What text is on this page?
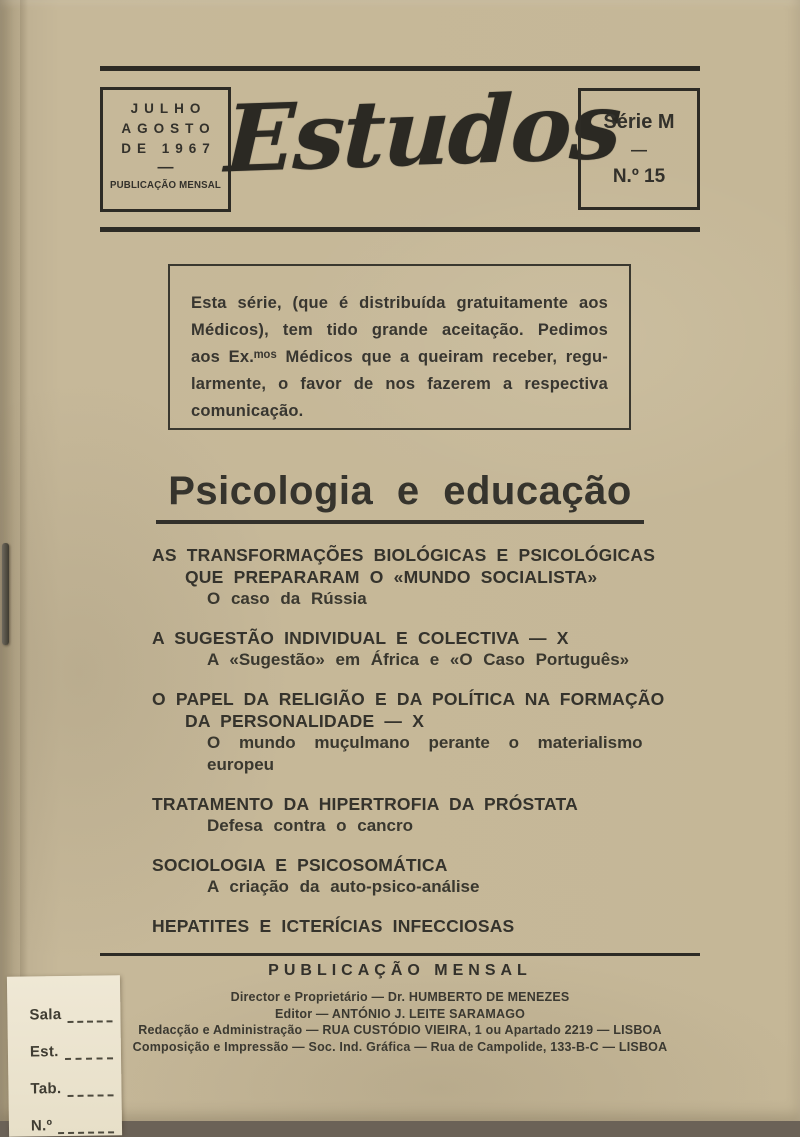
JULHO
AGOSTO
DE 1967
—
PUBLICAÇÃO MENSAL Estudos
Série M
—
N.º 15
Esta série, (que é distribuída gratuitamente aos
Médicos), tem tido grande aceitação. Pedimos
aos Ex.ᵐᵒˢ Médicos que a queiram receber, regu-
larmente, o favor de nos fazerem a respectiva
comunicação.
Psicologia e educação
AS TRANSFORMAÇÕES BIOLÓGICAS E PSICOLÓGICAS
QUE PREPARARAM O «MUNDO SOCIALISTA»
O caso da Rússia
A SUGESTÃO INDIVIDUAL E COLECTIVA — X
A «Sugestão» em África e «O Caso Português»
O PAPEL DA RELIGIÃO E DA POLÍTICA NA FORMAÇÃO
DA PERSONALIDADE — X
O mundo muçulmano perante o materialismo
europeu
TRATAMENTO DA HIPERTROFIA DA PRÓSTATA
Defesa contra o cancro
SOCIOLOGIA E PSICOSOMÁTICA
A criação da auto-psico-análise
HEPATITES E ICTERÍCIAS INFECCIOSAS
PUBLICAÇÃO MENSAL
Director e Proprietário — Dr. HUMBERTO DE MENEZES
Editor — ANTÓNIO J. LEITE SARAMAGO
Redacção e Administração — RUA CUSTÓDIO VIEIRA, 1 ou Apartado 2219 — LISBOA
Composição e Impressão — Soc. Ind. Gráfica — Rua de Campolide, 133-B-C — LISBOA
Sala
Est.
Tab.
N.º
